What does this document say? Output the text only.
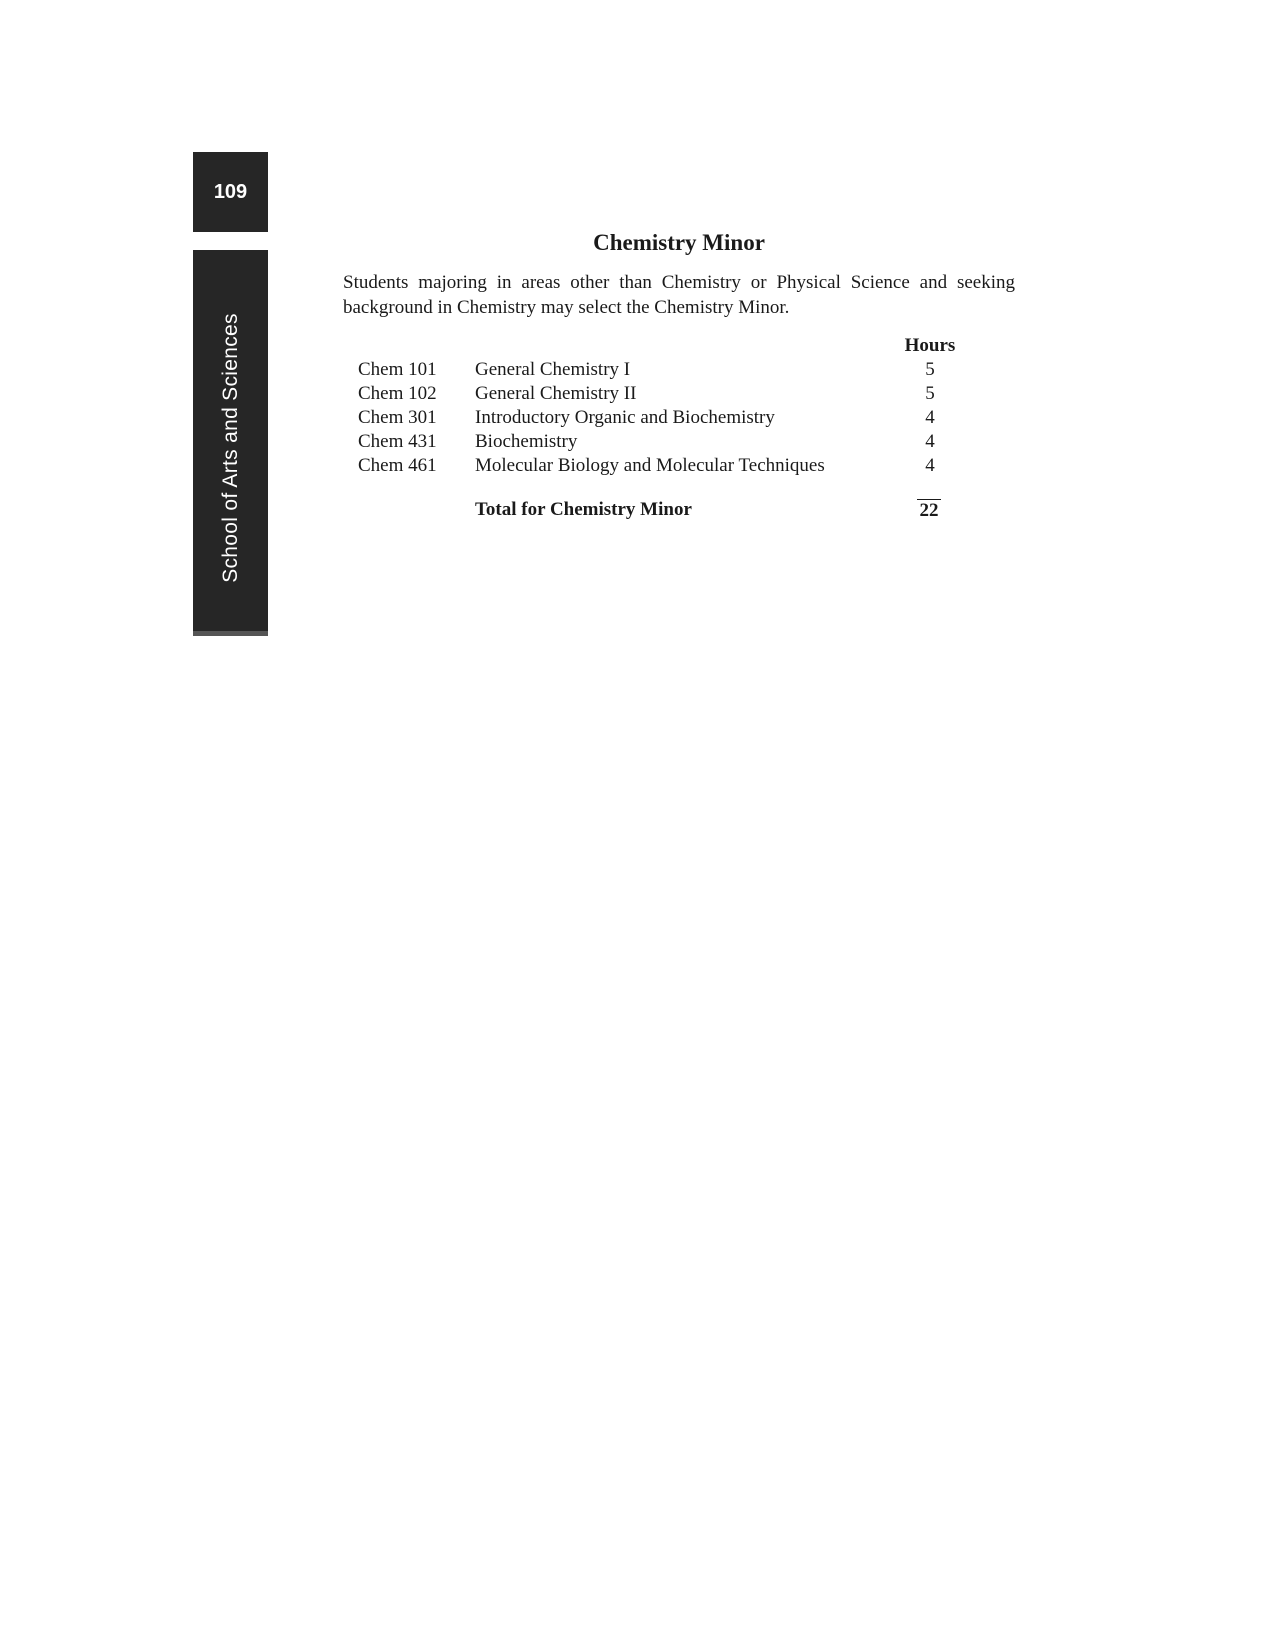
109
School of Arts and Sciences
Chemistry Minor

Students majoring in areas other than Chemistry or Physical Science and seeking background in Chemistry may select the Chemistry Minor.

Hours
Chem 101 General Chemistry I	5
Chem 102 General Chemistry II	5
Chem 301 Introductory Organic and Biochemistry	4
Chem 431 Biochemistry	4
Chem 461 Molecular Biology and Molecular Techniques	4
Total for Chemistry Minor	22
